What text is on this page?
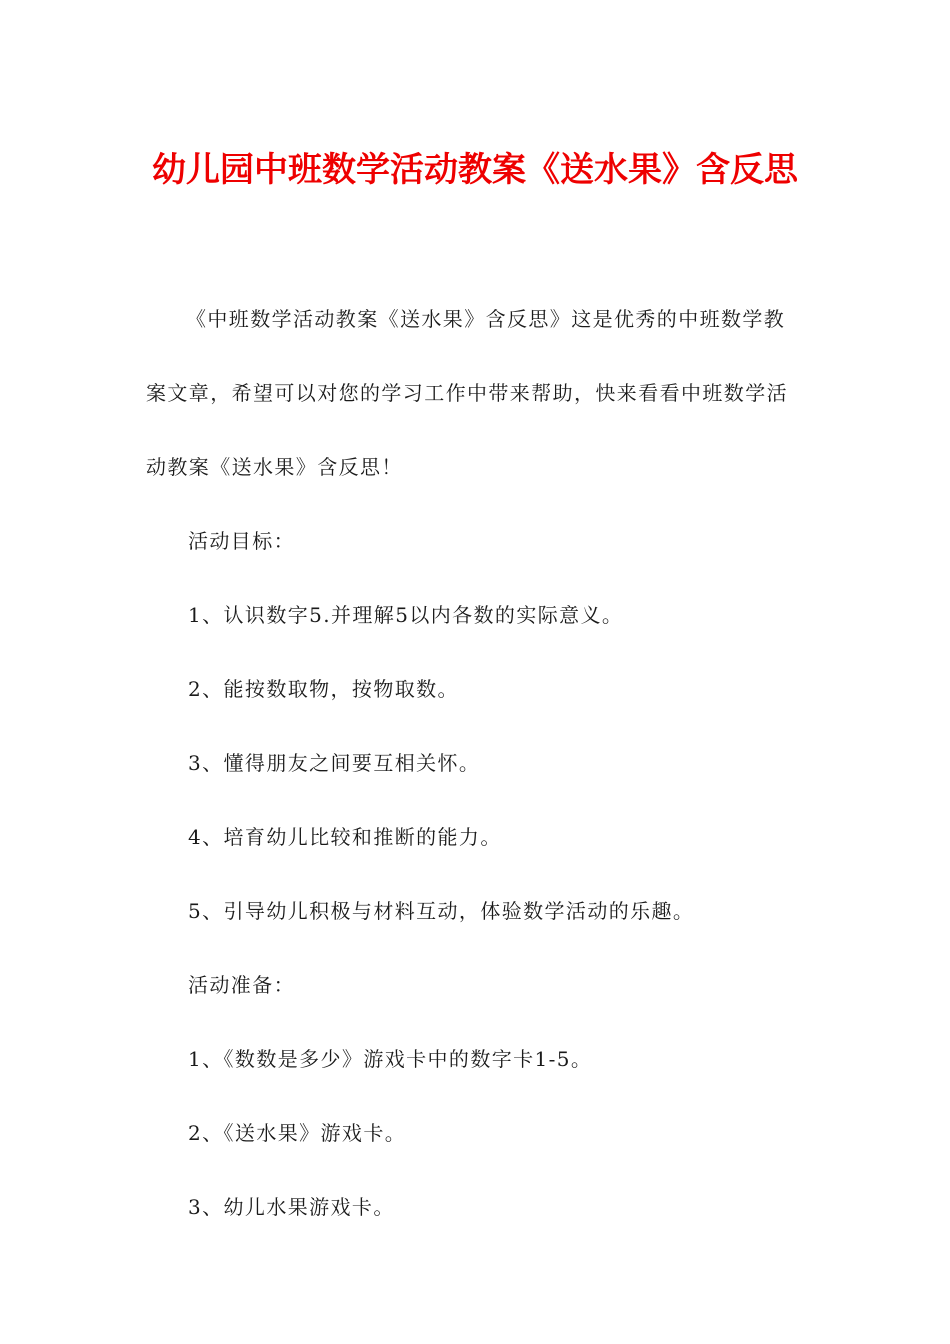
幼儿园中班数学活动教案《送水果》含反思

《中班数学活动教案《送水果》含反思》这是优秀的中班数学教案文章，希望可以对您的学习工作中带来帮助，快来看看中班数学活动教案《送水果》含反思！

活动目标：

1、认识数字5.并理解5以内各数的实际意义。

2、能按数取物，按物取数。

3、懂得朋友之间要互相关怀。

4、培育幼儿比较和推断的能力。

5、引导幼儿积极与材料互动，体验数学活动的乐趣。

活动准备：

1、《数数是多少》游戏卡中的数字卡1-5。

2、《送水果》游戏卡。

3、幼儿水果游戏卡。
